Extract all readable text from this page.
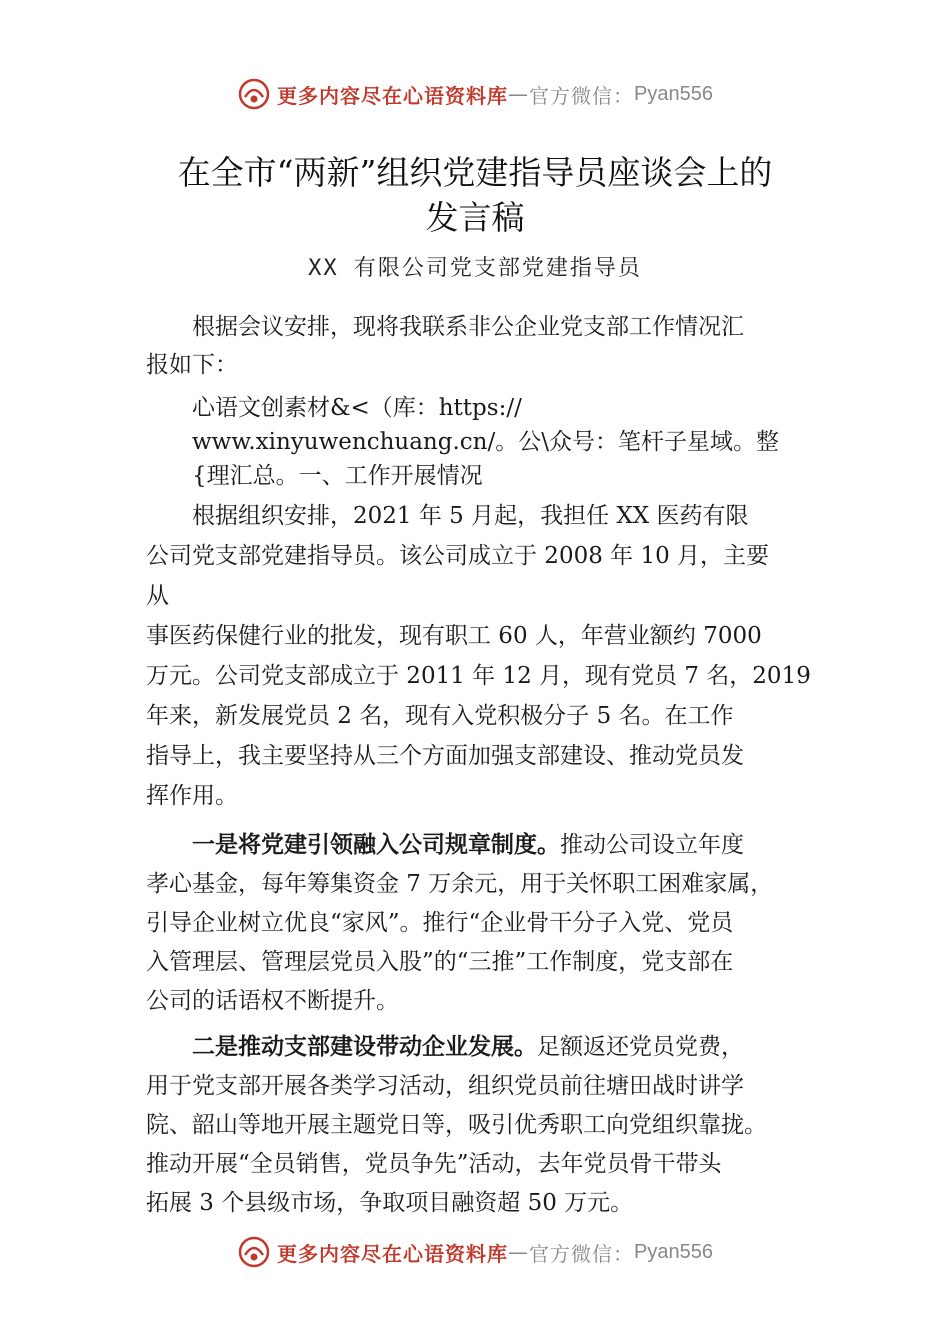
更多内容尽在心语资料库 — 官方微信： Pyan556
在全市“两新”组织党建指导员座谈会上的
发言稿
XX 有限公司党支部党建指导员

根据会议安排，现将我联系非公企业党支部工作情况汇
报如下：

心语文创素材&<（库：https://
www.xinyuwenchuang.cn/。公\众号：笔杆子星域。整
{理汇总。一、工作开展情况

根据组织安排，2021 年 5 月起，我担任 XX 医药有限
公司党支部党建指导员。该公司成立于 2008 年 10 月，主要
从
事医药保健行业的批发，现有职工 60 人，年营业额约 7000
万元。公司党支部成立于 2011 年 12 月，现有党员 7 名，2019
年来，新发展党员 2 名，现有入党积极分子 5 名。在工作
指导上，我主要坚持从三个方面加强支部建设、推动党员发
挥作用。

一是将党建引领融入公司规章制度。推动公司设立年度
孝心基金，每年筹集资金 7 万余元，用于关怀职工困难家属，
引导企业树立优良“家风”。推行“企业骨干分子入党、党员
入管理层、管理层党员入股”的“三推”工作制度，党支部在
公司的话语权不断提升。

二是推动支部建设带动企业发展。足额返还党员党费，
用于党支部开展各类学习活动，组织党员前往塘田战时讲学
院、韶山等地开展主题党日等，吸引优秀职工向党组织靠拢。
推动开展“全员销售，党员争先”活动，去年党员骨干带头
拓展 3 个县级市场，争取项目融资超 50 万元。

更多内容尽在心语资料库 — 官方微信： Pyan556
